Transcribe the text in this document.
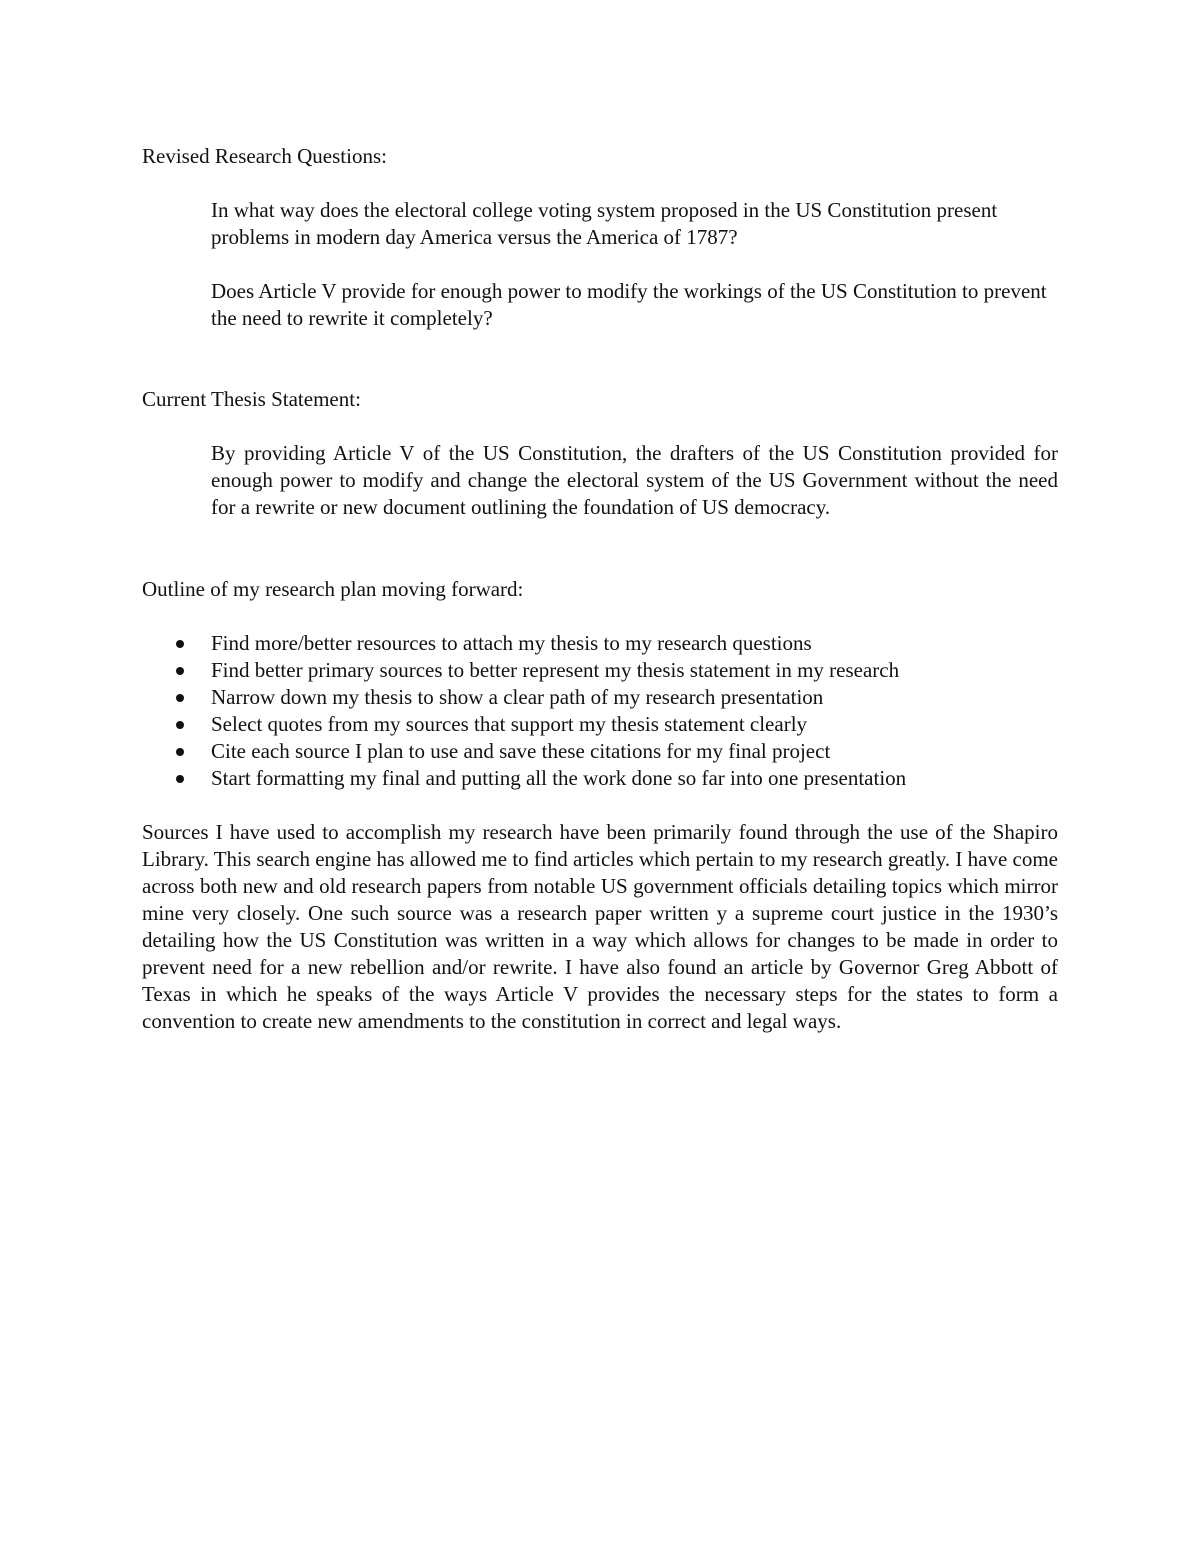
Revised Research Questions:

In what way does the electoral college voting system proposed in the US Constitution present problems in modern day America versus the America of 1787?

Does Article V provide for enough power to modify the workings of the US Constitution to prevent the need to rewrite it completely?

Current Thesis Statement:

By providing Article V of the US Constitution, the drafters of the US Constitution provided for enough power to modify and change the electoral system of the US Government without the need for a rewrite or new document outlining the foundation of US democracy.

Outline of my research plan moving forward:

Find more/better resources to attach my thesis to my research questions
Find better primary sources to better represent my thesis statement in my research
Narrow down my thesis to show a clear path of my research presentation
Select quotes from my sources that support my thesis statement clearly
Cite each source I plan to use and save these citations for my final project
Start formatting my final and putting all the work done so far into one presentation

Sources I have used to accomplish my research have been primarily found through the use of the Shapiro Library. This search engine has allowed me to find articles which pertain to my research greatly. I have come across both new and old research papers from notable US government officials detailing topics which mirror mine very closely. One such source was a research paper written y a supreme court justice in the 1930’s detailing how the US Constitution was written in a way which allows for changes to be made in order to prevent need for a new rebellion and/or rewrite. I have also found an article by Governor Greg Abbott of Texas in which he speaks of the ways Article V provides the necessary steps for the states to form a convention to create new amendments to the constitution in correct and legal ways.
